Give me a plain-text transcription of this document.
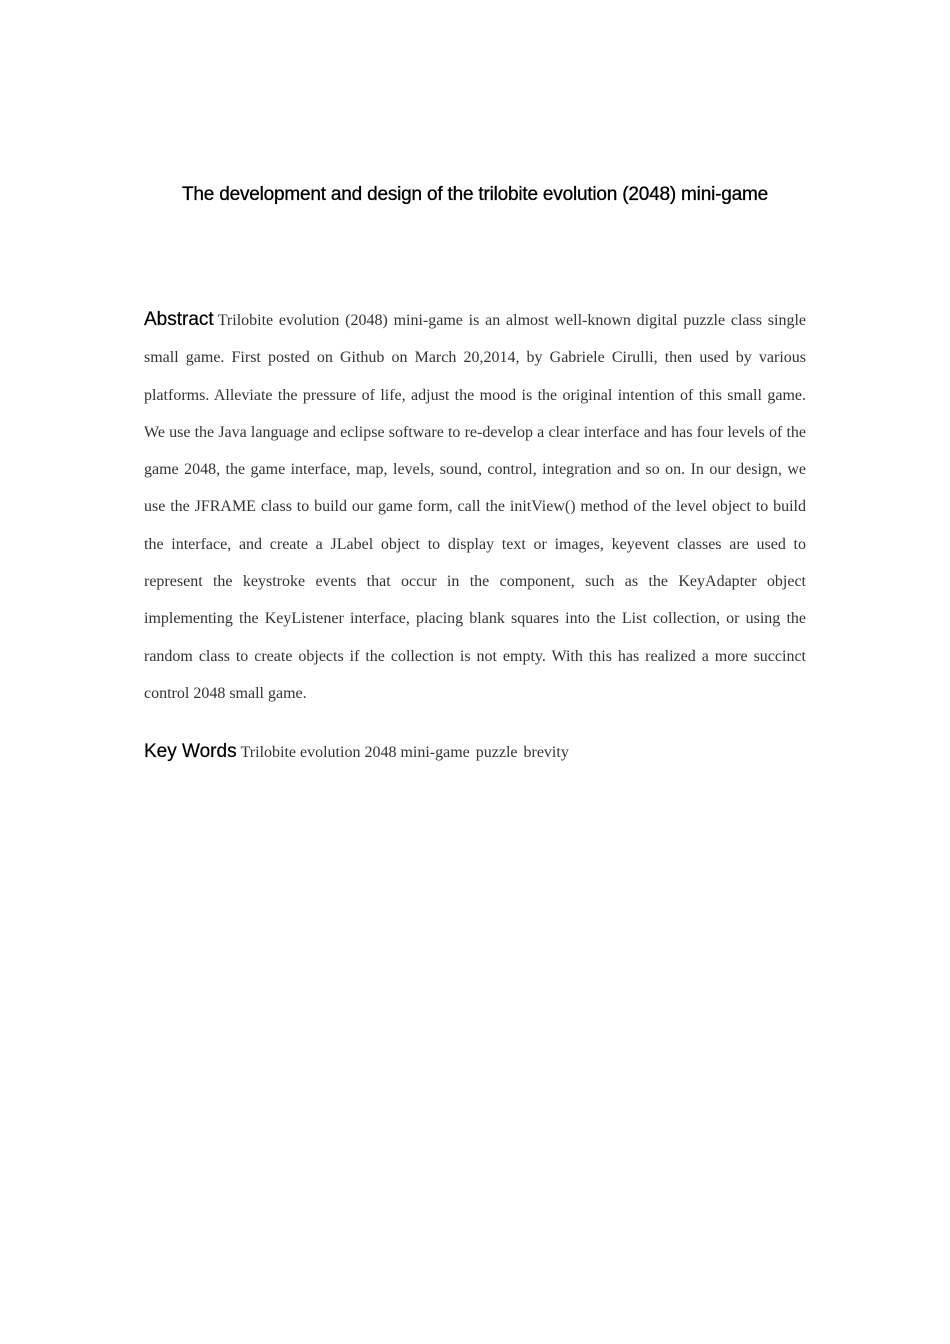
The development and design of the trilobite evolution (2048) mini-game

Abstract Trilobite evolution (2048) mini-game is an almost well-known digital puzzle class single small game. First posted on Github on March 20,2014, by Gabriele Cirulli, then used by various platforms. Alleviate the pressure of life, adjust the mood is the original intention of this small game. We use the Java language and eclipse software to re-develop a clear interface and has four levels of the game 2048, the game interface, map, levels, sound, control, integration and so on. In our design, we use the JFRAME class to build our game form, call the initView() method of the level object to build the interface, and create a JLabel object to display text or images, keyevent classes are used to represent the keystroke events that occur in the component, such as the KeyAdapter object implementing the KeyListener interface, placing blank squares into the List collection, or using the random class to create objects if the collection is not empty. With this has realized a more succinct control 2048 small game.

Key Words Trilobite evolution 2048 mini-game puzzle brevity
